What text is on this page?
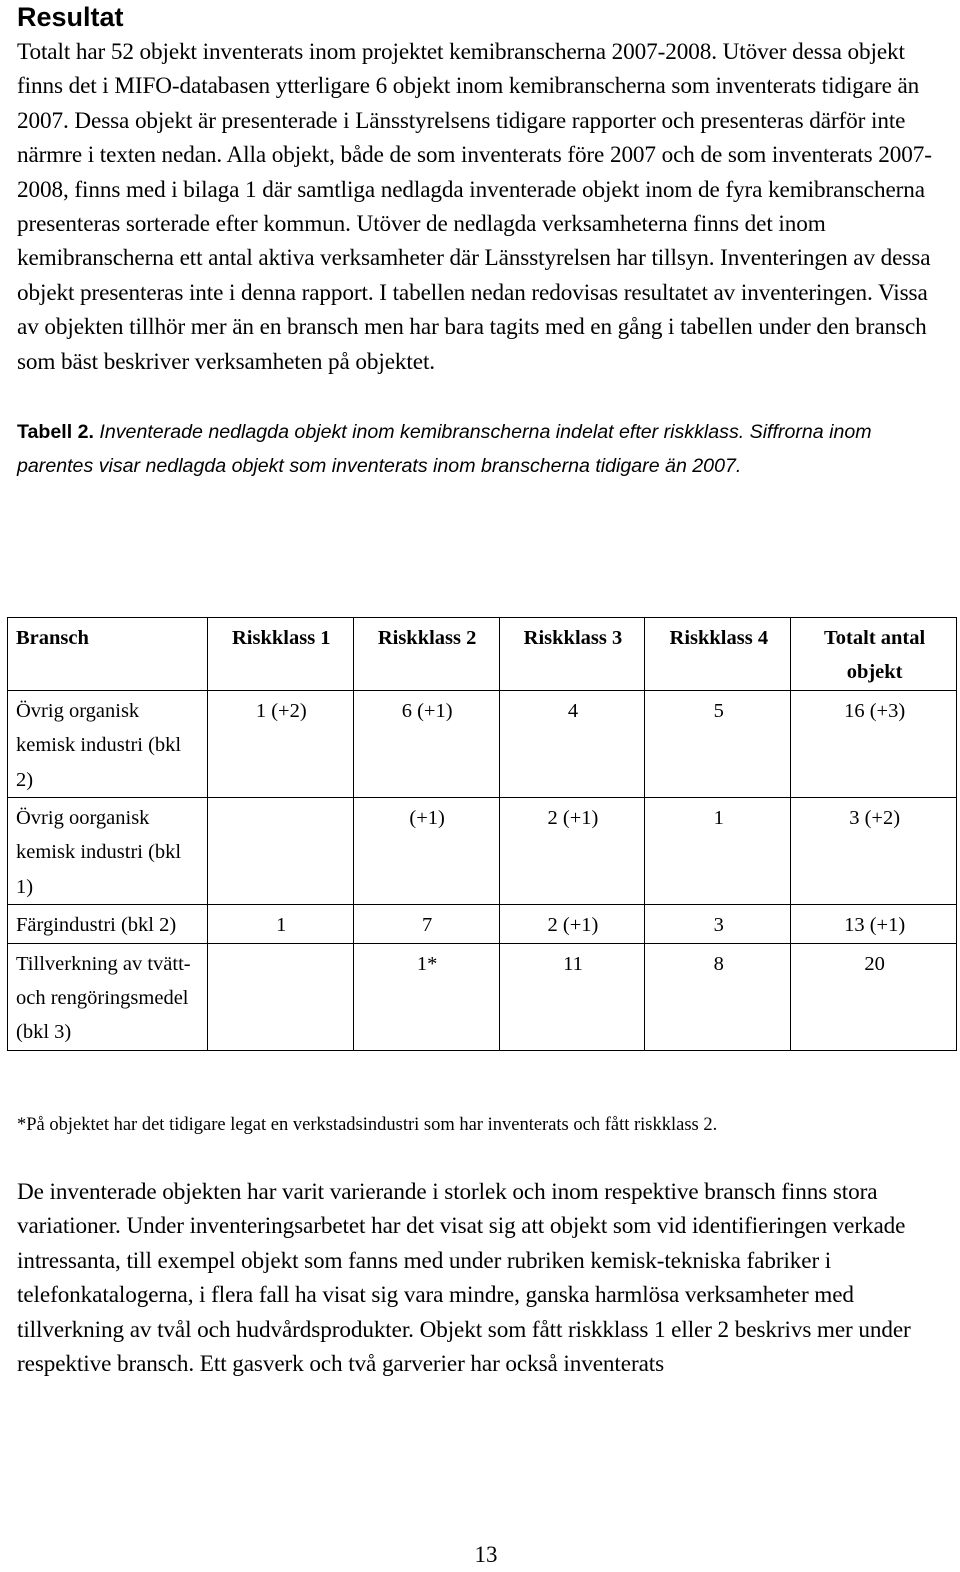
Resultat

Totalt har 52 objekt inventerats inom projektet kemibranscherna 2007-2008. Utöver dessa objekt finns det i MIFO-databasen ytterligare 6 objekt inom kemibranscherna som inventerats tidigare än 2007. Dessa objekt är presenterade i Länsstyrelsens tidigare rapporter och presenteras därför inte närmre i texten nedan. Alla objekt, både de som inventerats före 2007 och de som inventerats 2007-2008, finns med i bilaga 1 där samtliga nedlagda inventerade objekt inom de fyra kemibranscherna presenteras sorterade efter kommun. Utöver de nedlagda verksamheterna finns det inom kemibranscherna ett antal aktiva verksamheter där Länsstyrelsen har tillsyn. Inventeringen av dessa objekt presenteras inte i denna rapport. I tabellen nedan redovisas resultatet av inventeringen. Vissa av objekten tillhör mer än en bransch men har bara tagits med en gång i tabellen under den bransch som bäst beskriver verksamheten på objektet.

Tabell 2. Inventerade nedlagda objekt inom kemibranscherna indelat efter riskklass. Siffrorna inom parentes visar nedlagda objekt som inventerats inom branscherna tidigare än 2007.

Bransch	Riskklass 1	Riskklass 2	Riskklass 3	Riskklass 4	Totalt antal objekt
Övrig organisk kemisk industri (bkl 2)	1 (+2)	6 (+1)	4	5	16 (+3)
Övrig oorganisk kemisk industri (bkl 1)		(+1)	2 (+1)	1	3 (+2)
Färgindustri (bkl 2)	1	7	2 (+1)	3	13 (+1)
Tillverkning av tvätt- och rengöringsmedel (bkl 3)		1*	11	8	20

*På objektet har det tidigare legat en verkstadsindustri som har inventerats och fått riskklass 2.

De inventerade objekten har varit varierande i storlek och inom respektive bransch finns stora variationer. Under inventeringsarbetet har det visat sig att objekt som vid identifieringen verkade intressanta, till exempel objekt som fanns med under rubriken kemisk-tekniska fabriker i telefonkatalogerna, i flera fall ha visat sig vara mindre, ganska harmlösa verksamheter med tillverkning av tvål och hudvårdsprodukter. Objekt som fått riskklass 1 eller 2 beskrivs mer under respektive bransch. Ett gasverk och två garverier har också inventerats

13
